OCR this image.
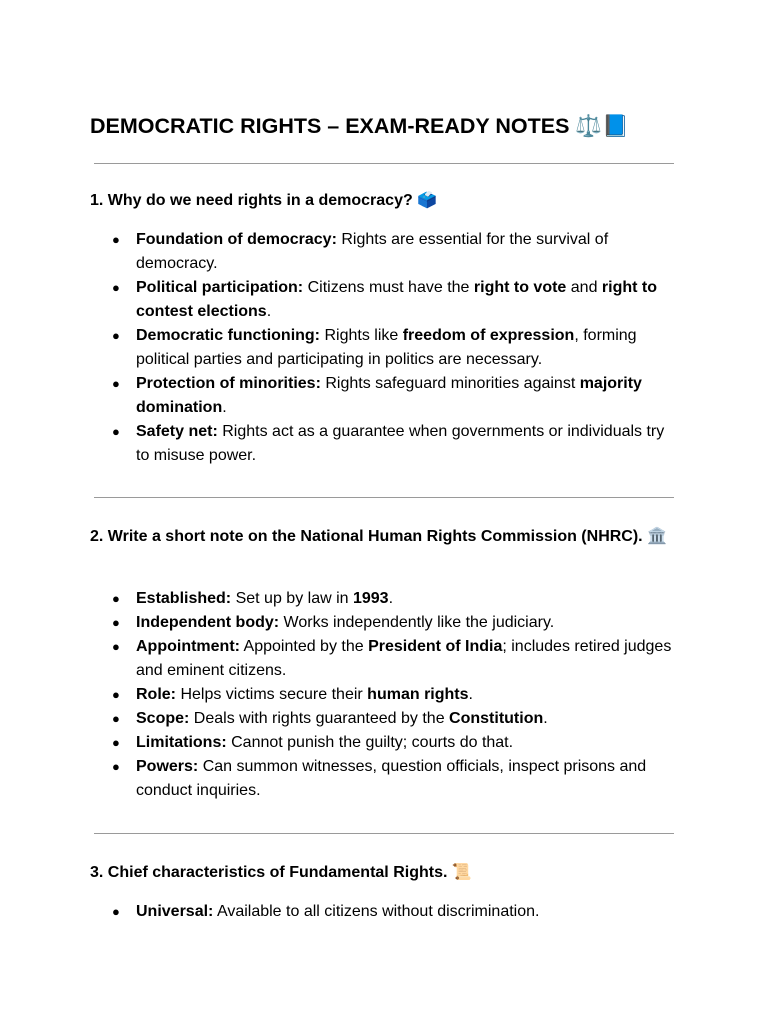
DEMOCRATIC RIGHTS – EXAM-READY NOTES ⚖️📘

1. Why do we need rights in a democracy? 🗳️

● Foundation of democracy: Rights are essential for the survival of democracy.
● Political participation: Citizens must have the right to vote and right to contest elections.
● Democratic functioning: Rights like freedom of expression, forming political parties and participating in politics are necessary.
● Protection of minorities: Rights safeguard minorities against majority domination.
● Safety net: Rights act as a guarantee when governments or individuals try to misuse power.

2. Write a short note on the National Human Rights Commission (NHRC). 🏛️

● Established: Set up by law in 1993.
● Independent body: Works independently like the judiciary.
● Appointment: Appointed by the President of India; includes retired judges and eminent citizens.
● Role: Helps victims secure their human rights.
● Scope: Deals with rights guaranteed by the Constitution.
● Limitations: Cannot punish the guilty; courts do that.
● Powers: Can summon witnesses, question officials, inspect prisons and conduct inquiries.

3. Chief characteristics of Fundamental Rights. 📜

● Universal: Available to all citizens without discrimination.
